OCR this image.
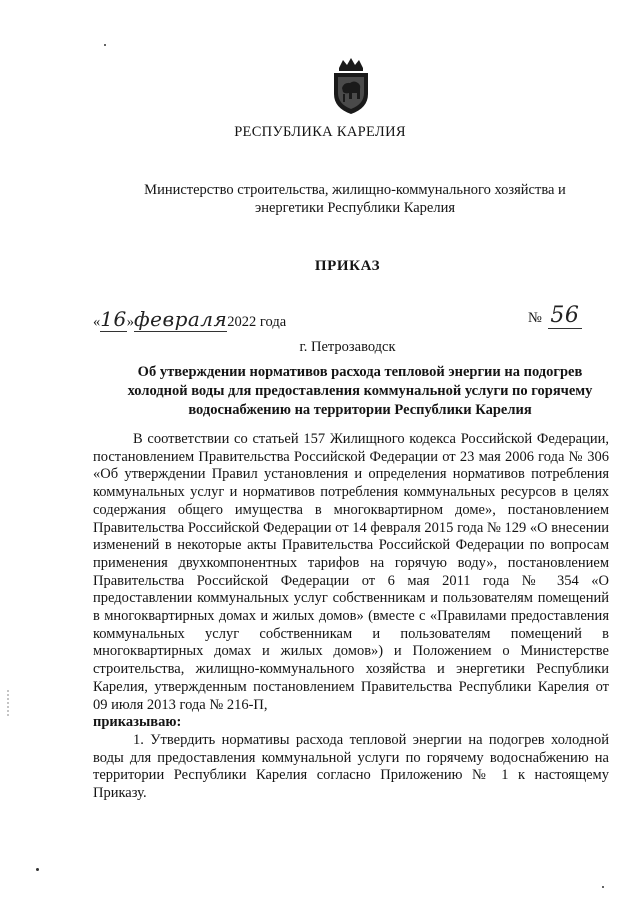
РЕСПУБЛИКА КАРЕЛИЯ
Министерство строительства, жилищно-коммунального хозяйства и энергетики Республики Карелия
ПРИКАЗ
«16»февраля2022 года	№ 56
г. Петрозаводск
Об утверждении нормативов расхода тепловой энергии на подогрев холодной воды для предоставления коммунальной услуги по горячему водоснабжению на территории Республики Карелия

В соответствии со статьей 157 Жилищного кодекса Российской Федерации, постановлением Правительства Российской Федерации от 23 мая 2006 года № 306 «Об утверждении Правил установления и определения нормативов потребления коммунальных услуг и нормативов потребления коммунальных ресурсов в целях содержания общего имущества в многоквартирном доме», постановлением Правительства Российской Федерации от 14 февраля 2015 года № 129 «О внесении изменений в некоторые акты Правительства Российской Федерации по вопросам применения двухкомпонентных тарифов на горячую воду», постановлением Правительства Российской Федерации от 6 мая 2011 года № 354 «О предоставлении коммунальных услуг собственникам и пользователям помещений в многоквартирных домах и жилых домов» (вместе с «Правилами предоставления коммунальных услуг собственникам и пользователям помещений в многоквартирных домах и жилых домов») и Положением о Министерстве строительства, жилищно-коммунального хозяйства и энергетики Республики Карелия, утвержденным постановлением Правительства Республики Карелия от 09 июля 2013 года № 216-П,
приказываю:

1. Утвердить нормативы расхода тепловой энергии на подогрев холодной воды для предоставления коммунальной услуги по горячему водоснабжению на территории Республики Карелия согласно Приложению № 1 к настоящему Приказу.
